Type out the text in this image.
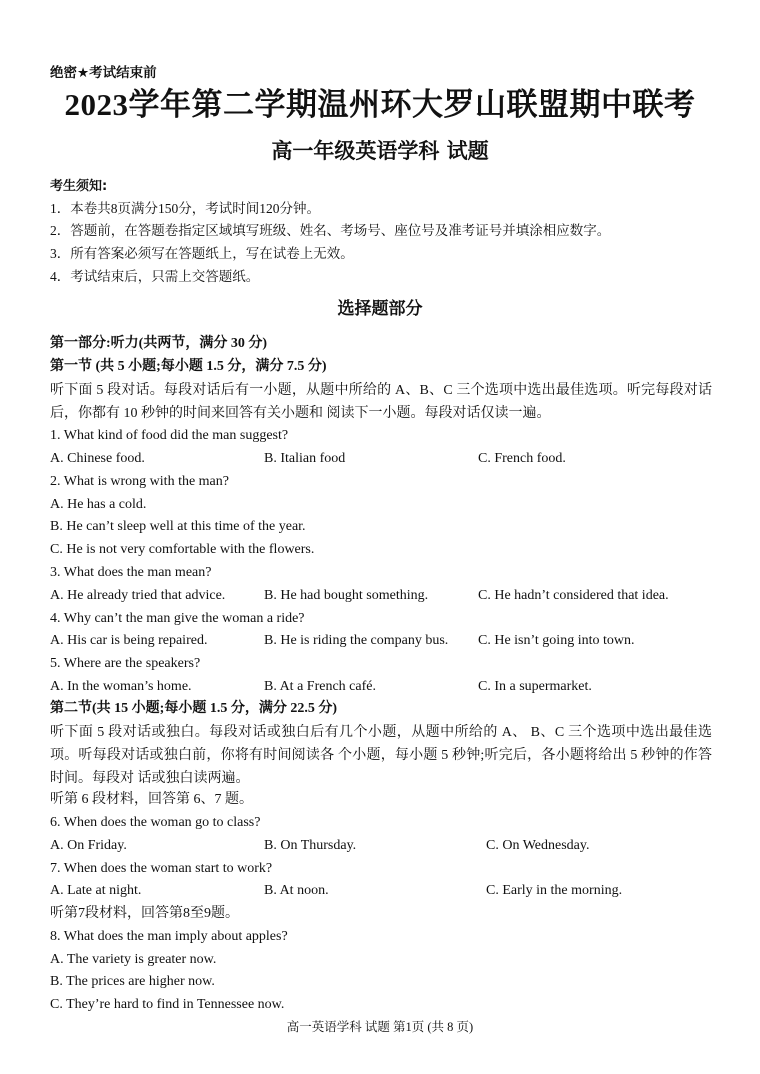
绝密★考试结束前
2023学年第二学期温州环大罗山联盟期中联考
高一年级英语学科 试题
考生须知:
1．本卷共8页满分150分，考试时间120分钟。
2．答题前，在答题卷指定区域填写班级、姓名、考场号、座位号及准考证号并填涂相应数字。
3．所有答案必须写在答题纸上，写在试卷上无效。
4．考试结束后，只需上交答题纸。
选择题部分
第一部分:听力(共两节，满分 30 分)
第一节 (共 5 小题;每小题 1.5 分，满分 7.5 分)
听下面 5 段对话。每段对话后有一小题，从题中所给的 A、B、C 三个选项中选出最佳选项。听完每段对话后，你都有 10 秒钟的时间来回答有关小题和 阅读下一小题。每段对话仅读一遍。
1. What kind of food did the man suggest?
A. Chinese food.	B. Italian food	C. French food.
2. What is wrong with the man?
A. He has a cold.
B. He can’t sleep well at this time of the year.
C. He is not very comfortable with the flowers.
3. What does the man mean?
A. He already tried that advice.	B. He had bought something.	C. He hadn’t considered that idea.
4. Why can’t the man give the woman a ride?
A. His car is being repaired.	B. He is riding the company bus. C. He isn’t going into town.
5. Where are the speakers?
A. In the woman’s home.	B. At a French café.	C. In a supermarket.
第二节(共 15 小题;每小题 1.5 分，满分 22.5 分)
听下面 5 段对话或独白。每段对话或独白后有几个小题，从题中所给的 A、 B、C 三个选项中选出最佳选项。听每段对话或独白前，你将有时间阅读各 个小题，每小题 5 秒钟;听完后，各小题将给出 5 秒钟的作答时间。每段对 话或独白读两遍。
听第 6 段材料，回答第 6、7 题。
6. When does the woman go to class?
A. On Friday.	B. On Thursday.	C. On Wednesday.
7. When does the woman start to work?
A. Late at night.	B. At noon.	C. Early in the morning.
听第7段材料，回答第8至9题。
8. What does the man imply about apples?
A. The variety is greater now.
B. The prices are higher now.
C. They’re hard to find in Tennessee now.
高一英语学科 试题 第1页 (共 8 页)
